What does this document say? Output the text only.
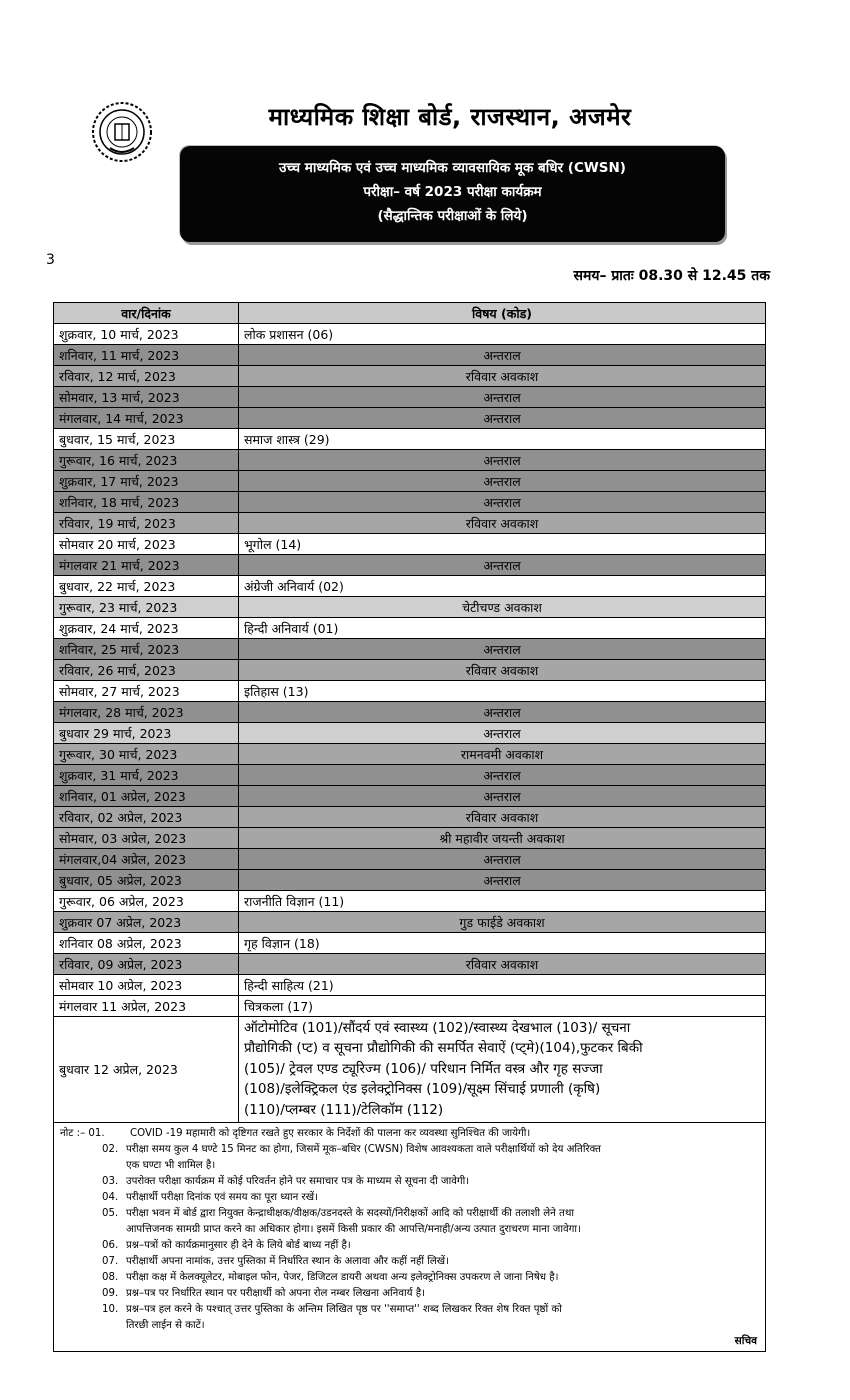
माध्यमिक शिक्षा बोर्ड, राजस्थान, अजमेर
उच्च माध्यमिक एवं उच्च माध्यमिक व्यावसायिक मूक बधिर (CWSN)
परीक्षा– वर्ष 2023 परीक्षा कार्यक्रम
(सैद्धान्तिक परीक्षाओं के लिये)
3
समय– प्रातः 08.30 से 12.45 तक
वार/दिनांक	विषय (कोड)
शुक्रवार, 10 मार्च, 2023	लोक प्रशासन (06)
शनिवार, 11 मार्च, 2023	अन्तराल
रविवार, 12 मार्च, 2023	रविवार अवकाश
सोमवार, 13 मार्च, 2023	अन्तराल
मंगलवार, 14 मार्च, 2023	अन्तराल
बुधवार, 15 मार्च, 2023	समाज शास्त्र (29)
गुरूवार, 16 मार्च, 2023	अन्तराल
शुक्रवार, 17 मार्च, 2023	अन्तराल
शनिवार, 18 मार्च, 2023	अन्तराल
रविवार, 19 मार्च, 2023	रविवार अवकाश
सोमवार 20 मार्च, 2023	भूगोल (14)
मंगलवार 21 मार्च, 2023	अन्तराल
बुधवार, 22 मार्च, 2023	अंग्रेजी अनिवार्य (02)
गुरूवार, 23 मार्च, 2023	चेटीचण्ड अवकाश
शुक्रवार, 24 मार्च, 2023	हिन्दी अनिवार्य (01)
शनिवार, 25 मार्च, 2023	अन्तराल
रविवार, 26 मार्च, 2023	रविवार अवकाश
सोमवार, 27 मार्च, 2023	इतिहास (13)
मंगलवार, 28 मार्च, 2023	अन्तराल
बुधवार 29 मार्च, 2023	अन्तराल
गुरूवार, 30 मार्च, 2023	रामनवमी अवकाश
शुक्रवार, 31 मार्च, 2023	अन्तराल
शनिवार, 01 अप्रेल, 2023	अन्तराल
रविवार, 02 अप्रेल, 2023	रविवार अवकाश
सोमवार, 03 अप्रेल, 2023	श्री महावीर जयन्ती अवकाश
मंगलवार,04 अप्रेल, 2023	अन्तराल
बुधवार, 05 अप्रेल, 2023	अन्तराल
गुरूवार, 06 अप्रेल, 2023	राजनीति विज्ञान (11)
शुक्रवार 07 अप्रेल, 2023	गुड फाईडे अवकाश
शनिवार 08 अप्रेल, 2023	गृह विज्ञान (18)
रविवार, 09 अप्रेल, 2023	रविवार अवकाश
सोमवार 10 अप्रेल, 2023	हिन्दी साहित्य (21)
मंगलवार 11 अप्रेल, 2023	चित्रकला (17)
बुधवार 12 अप्रेल, 2023	ऑटोमोटिव (101)/सौंदर्य एवं स्वास्थ्य (102)/स्वास्थ्य देखभाल (103)/ सूचना
प्रौद्योगिकी (प्ट) व सूचना प्रौद्योगिकी की समर्पित सेवाऐं (प्ट्मे)(104),फुटकर बिकी
(105)/ ट्रेवल एण्ड ट्यूरिज्म (106)/ परिधान निर्मित वस्त्र और गृह सज्जा
(108)/इलेक्ट्रिकल एंड इलेक्ट्रोनिक्स (109)/सूक्ष्म सिंचाई प्रणाली (कृषि)
(110)/प्लम्बर (111)/टेलिकॉम (112)
नोट :– 01.
सचिव
COVID -19 महामारी को दृष्टिगत रखते हुए सरकार के निर्देशों की पालना कर व्यवस्था सुनिश्चित की जायेगी।
02. परीक्षा समय कुल 4 घण्टे 15 मिनट का होगा, जिसमें मूक–बधिर (CWSN) विशेष आवश्यकता वाले परीक्षार्थियों को देय अतिरिक्त
एक घण्टा भी शामिल है।
03. उपरोक्त परीक्षा कार्यक्रम में कोई परिवर्तन होने पर समाचार पत्र के माध्यम से सूचना दी जावेगी।
04. परीक्षार्थी परीक्षा दिनांक एवं समय का पूरा ध्यान रखें।
05. परीक्षा भवन में बोर्ड द्वारा नियुक्त केन्द्राधीक्षक/वीक्षक/उडनदस्ते के सदस्यों/निरीक्षकों आदि को परीक्षार्थी की तलाशी लेने तथा
आपत्तिजनक सामग्री प्राप्त करने का अधिकार होगा। इसमें किसी प्रकार की आपत्ति/मनाही/अन्य उत्पात दुराचरण माना जावेगा।
06. प्रश्न–पत्रों को कार्यक्रमानुसार ही देने के लिये बोर्ड बाध्य नहीं है।
07. परीक्षार्थी अपना नामांक, उत्तर पुस्तिका में निर्धारित स्थान के अलावा और कहीं नहीं लिखें।
08. परीक्षा कक्ष में केलक्यूलेटर, मोबाइल फोन, पेजर, डिजिटल डायरी अथवा अन्य इलेक्ट्रोनिक्स उपकरण ले जाना निषेध है।
09. प्रश्न–पत्र पर निर्धारित स्थान पर परीक्षार्थी को अपना रोल नम्बर लिखना अनिवार्य है।
10. प्रश्न–पत्र हल करने के पश्चात् उत्तर पुस्तिका के अन्तिम लिखित पृष्ठ पर ''समाप्त'' शब्द लिखकर रिक्त शेष रिक्त पृष्ठों को
तिरछी लाईन से काटें।
